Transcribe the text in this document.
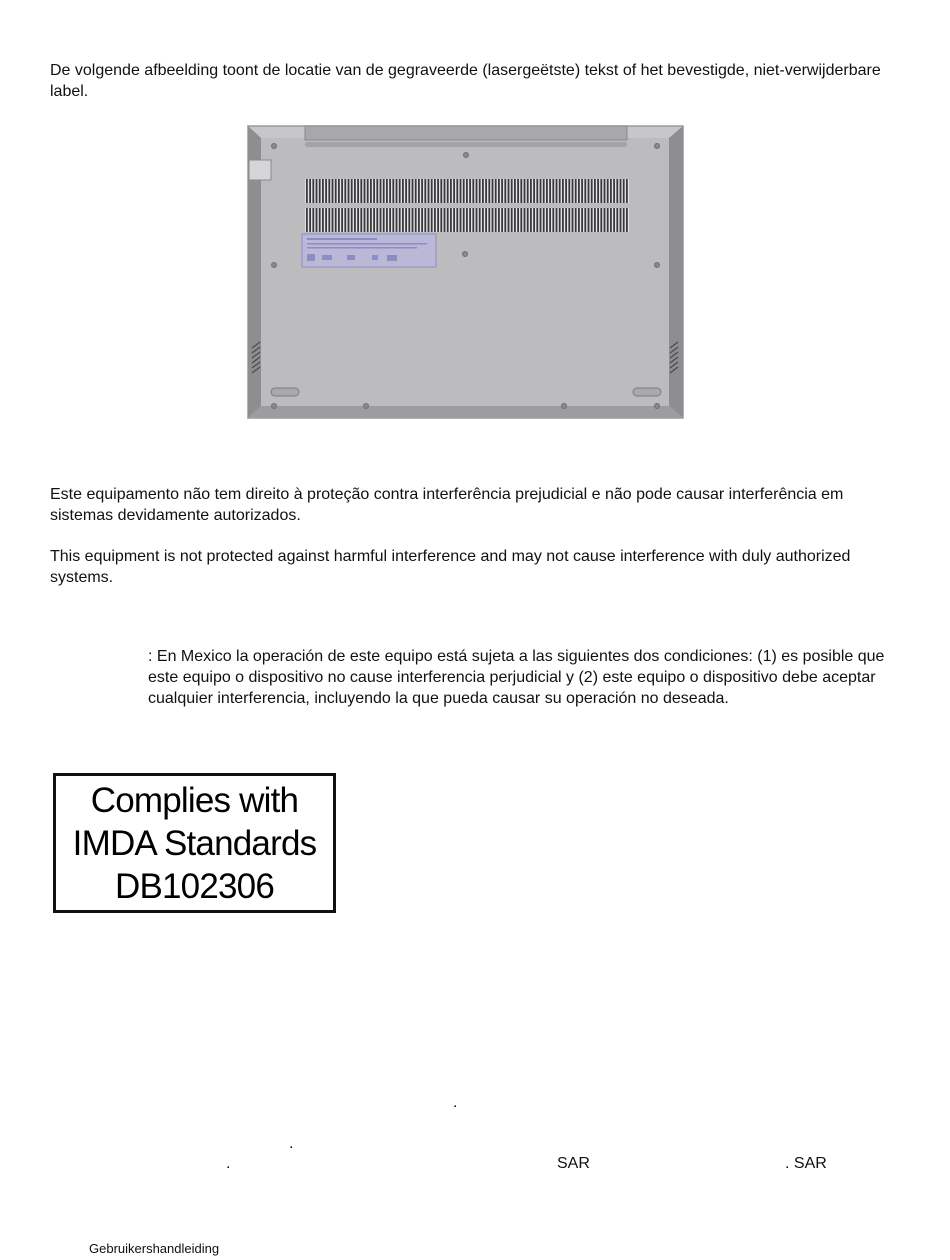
De volgende afbeelding toont de locatie van de gegraveerde (lasergeëtste) tekst of het bevestigde, niet-verwijderbare label.

Este equipamento não tem direito à proteção contra interferência prejudicial e não pode causar interferência em sistemas devidamente autorizados.

This equipment is not protected against harmful interference and may not cause interference with duly authorized systems.

: En Mexico la operación de este equipo está sujeta a las siguientes dos condiciones: (1) es posible que este equipo o dispositivo no cause interferencia perjudicial y (2) este equipo o dispositivo debe aceptar cualquier interferencia, incluyendo la que pueda causar su operación no deseada.

Complies with
IMDA Standards
DB102306
.
.
.	SAR	. SAR
Gebruikershandleiding
